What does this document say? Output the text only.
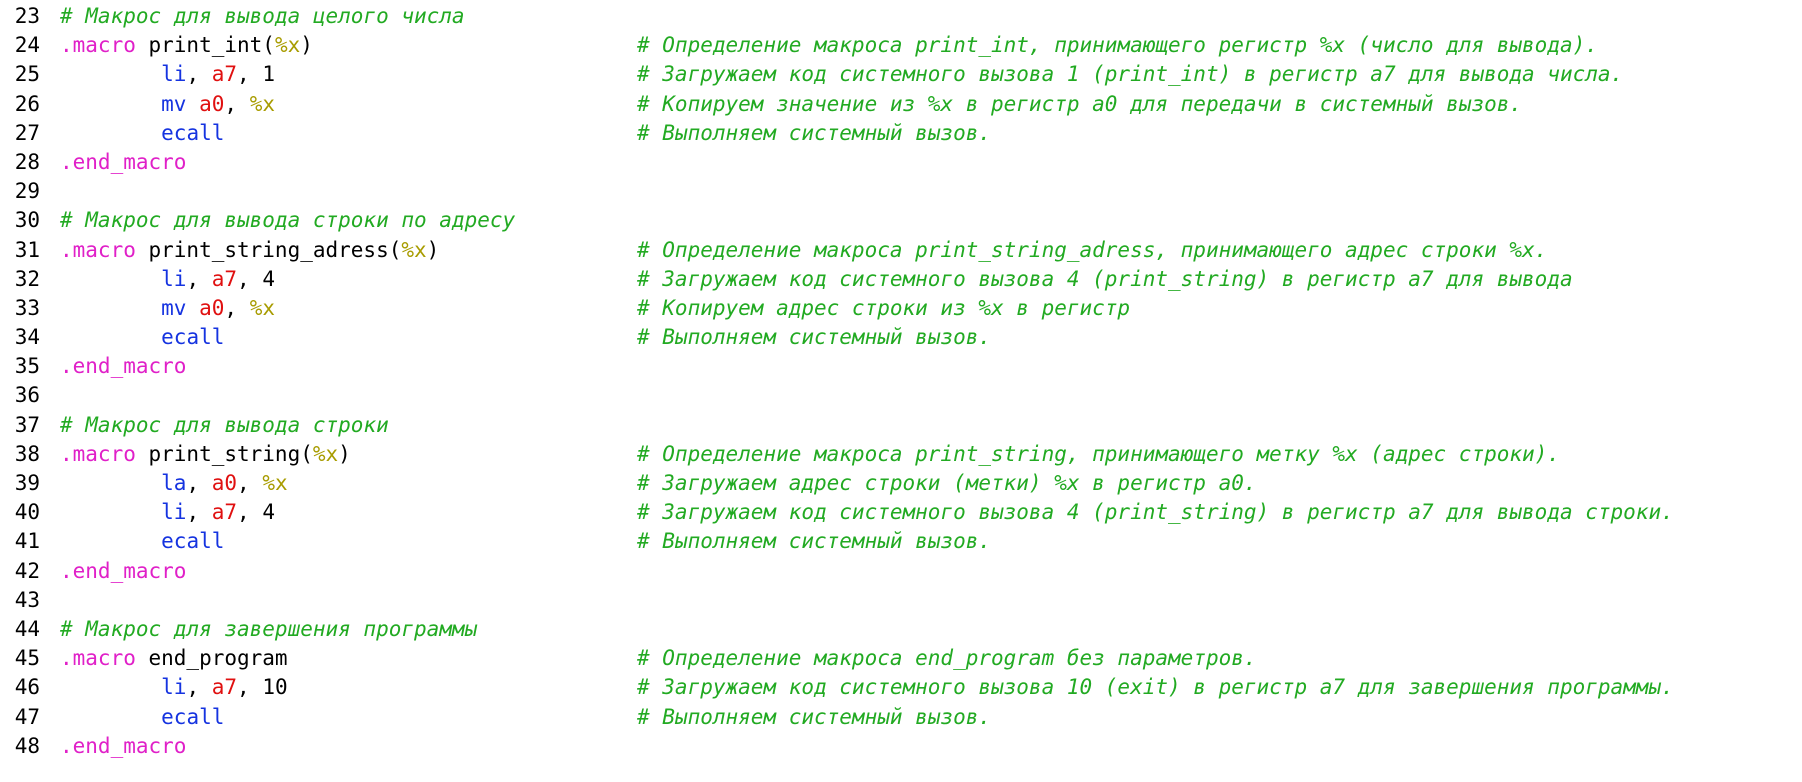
23 # Макрос для вывода целого числа
24 .macro print_int(%x)	# Определение макроса print_int, принимающего регистр %x (число для вывода).
25	li, a7, 1	# Загружаем код системного вызова 1 (print_int) в регистр a7 для вывода числа.
26	mv a0, %x	# Копируем значение из %x в регистр a0 для передачи в системный вызов.
27	ecall	# Выполняем системный вызов.
28 .end_macro
29
30 # Макрос для вывода строки по адресу
31 .macro print_string_adress(%x)	# Определение макроса print_string_adress, принимающего адрес строки %x.
32	li, a7, 4	# Загружаем код системного вызова 4 (print_string) в регистр a7 для вывода
33	mv a0, %x	# Копируем адрес строки из %x в регистр
34	ecall	# Выполняем системный вызов.
35 .end_macro
36
37 # Макрос для вывода строки
38 .macro print_string(%x)	# Определение макроса print_string, принимающего метку %x (адрес строки).
39	la, a0, %x	# Загружаем адрес строки (метки) %x в регистр a0.
40	li, a7, 4	# Загружаем код системного вызова 4 (print_string) в регистр a7 для вывода строки.
41	ecall	# Выполняем системный вызов.
42 .end_macro
43
44 # Макрос для завершения программы
45 .macro end_program	# Определение макроса end_program без параметров.
46	li, a7, 10	# Загружаем код системного вызова 10 (exit) в регистр a7 для завершения программы.
47	ecall	# Выполняем системный вызов.
48 .end_macro
